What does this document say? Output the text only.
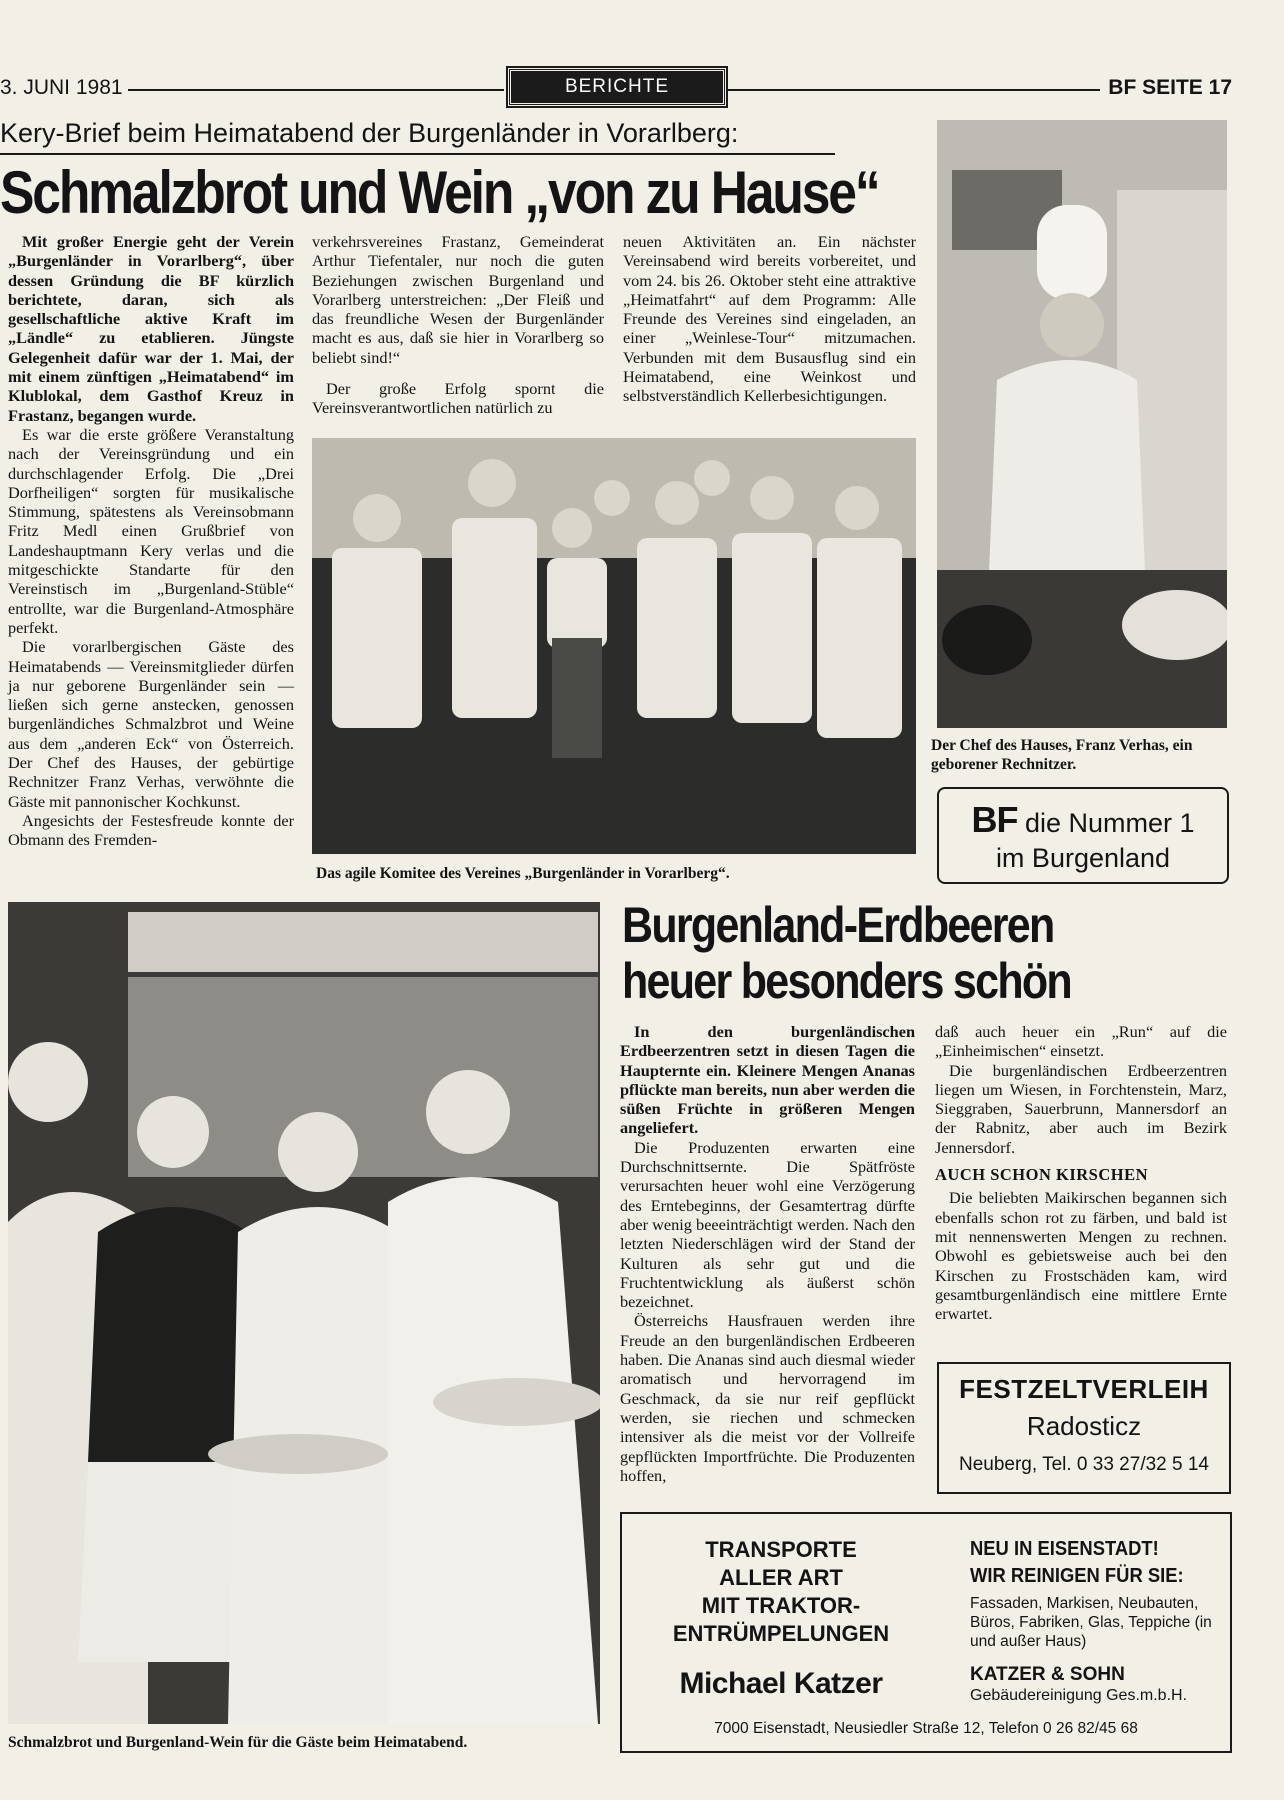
3. JUNI 1981	BERICHTE	BF SEITE 17
Kery-Brief beim Heimatabend der Burgenländer in Vorarlberg:
Schmalzbrot und Wein „von zu Hause“

Mit großer Energie geht der Verein „Burgenländer in Vorarlberg“, über dessen Gründung die BF kürzlich berichtete, daran, sich als gesellschaftliche aktive Kraft im „Ländle“ zu etablieren. Jüngste Gelegenheit dafür war der 1. Mai, der mit einem zünftigen „Heimatabend“ im Klublokal, dem Gasthof Kreuz in Frastanz, begangen wurde.

Es war die erste größere Veranstaltung nach der Vereinsgründung und ein durchschlagender Erfolg. Die „Drei Dorfheiligen“ sorgten für musikalische Stimmung, spätestens als Vereinsobmann Fritz Medl einen Grußbrief von Landeshauptmann Kery verlas und die mitgeschickte Standarte für den Vereinstisch im „Burgenland-Stüble“ entrollte, war die Burgenland-Atmosphäre perfekt.

Die vorarlbergischen Gäste des Heimatabends — Vereinsmitglieder dürfen ja nur geborene Burgenländer sein — ließen sich gerne anstecken, genossen burgenländiches Schmalzbrot und Weine aus dem „anderen Eck“ von Österreich. Der Chef des Hauses, der gebürtige Rechnitzer Franz Verhas, verwöhnte die Gäste mit pannonischer Kochkunst.

Angesichts der Festesfreude konnte der Obmann des Fremden-

verkehrsvereines Frastanz, Gemeinderat Arthur Tiefentaler, nur noch die guten Beziehungen zwischen Burgenland und Vorarlberg unterstreichen: „Der Fleiß und das freundliche Wesen der Burgenländer macht es aus, daß sie hier in Vorarlberg so beliebt sind!“

Der große Erfolg spornt die Vereinsverantwortlichen natürlich zu

neuen Aktivitäten an. Ein nächster Vereinsabend wird bereits vorbereitet, und vom 24. bis 26. Oktober steht eine attraktive „Heimatfahrt“ auf dem Programm: Alle Freunde des Vereines sind eingeladen, an einer „Weinlese-Tour“ mitzumachen. Verbunden mit dem Busausflug sind ein Heimatabend, eine Weinkost und selbstverständlich Kellerbesichtigungen.

Das agile Komitee des Vereines „Burgenländer in Vorarlberg“.
Der Chef des Hauses, Franz Verhas, ein geborener Rechnitzer.
BF die Nummer 1
im Burgenland
Schmalzbrot und Burgenland-Wein für die Gäste beim Heimatabend.
Burgenland-Erdbeeren
heuer besonders schön

In den burgenländischen Erdbeerzentren setzt in diesen Tagen die Haupternte ein. Kleinere Mengen Ananas pflückte man bereits, nun aber werden die süßen Früchte in größeren Mengen angeliefert.

Die Produzenten erwarten eine Durchschnittsernte. Die Spätfröste verursachten heuer wohl eine Verzögerung des Erntebeginns, der Gesamtertrag dürfte aber wenig beeeinträchtigt werden. Nach den letzten Niederschlägen wird der Stand der Kulturen als sehr gut und die Fruchtentwicklung als äußerst schön bezeichnet.

Österreichs Hausfrauen werden ihre Freude an den burgenländischen Erdbeeren haben. Die Ananas sind auch diesmal wieder aromatisch und hervorragend im Geschmack, da sie nur reif gepflückt werden, sie riechen und schmecken intensiver als die meist vor der Vollreife gepflückten Importfrüchte. Die Produzenten hoffen,

daß auch heuer ein „Run“ auf die „Einheimischen“ einsetzt.

Die burgenländischen Erdbeerzentren liegen um Wiesen, in Forchtenstein, Marz, Sieggraben, Sauerbrunn, Mannersdorf an der Rabnitz, aber auch im Bezirk Jennersdorf.

AUCH SCHON KIRSCHEN

Die beliebten Maikirschen begannen sich ebenfalls schon rot zu färben, und bald ist mit nennenswerten Mengen zu rechnen. Obwohl es gebietsweise auch bei den Kirschen zu Frostschäden kam, wird gesamtburgenländisch eine mittlere Ernte erwartet.

FESTZELTVERLEIH
Radosticz
Neuberg, Tel. 0 33 27/32 5 14
TRANSPORTE
ALLER ART
MIT TRAKTOR-
ENTRÜMPELUNGEN
Michael Katzer
NEU IN EISENSTADT!
WIR REINIGEN FÜR SIE:
Fassaden, Markisen, Neubauten, Büros, Fabriken, Glas, Teppiche (in und außer Haus)
KATZER & SOHN
Gebäudereinigung Ges.m.b.H.
7000 Eisenstadt, Neusiedler Straße 12, Telefon 0 26 82/45 68
